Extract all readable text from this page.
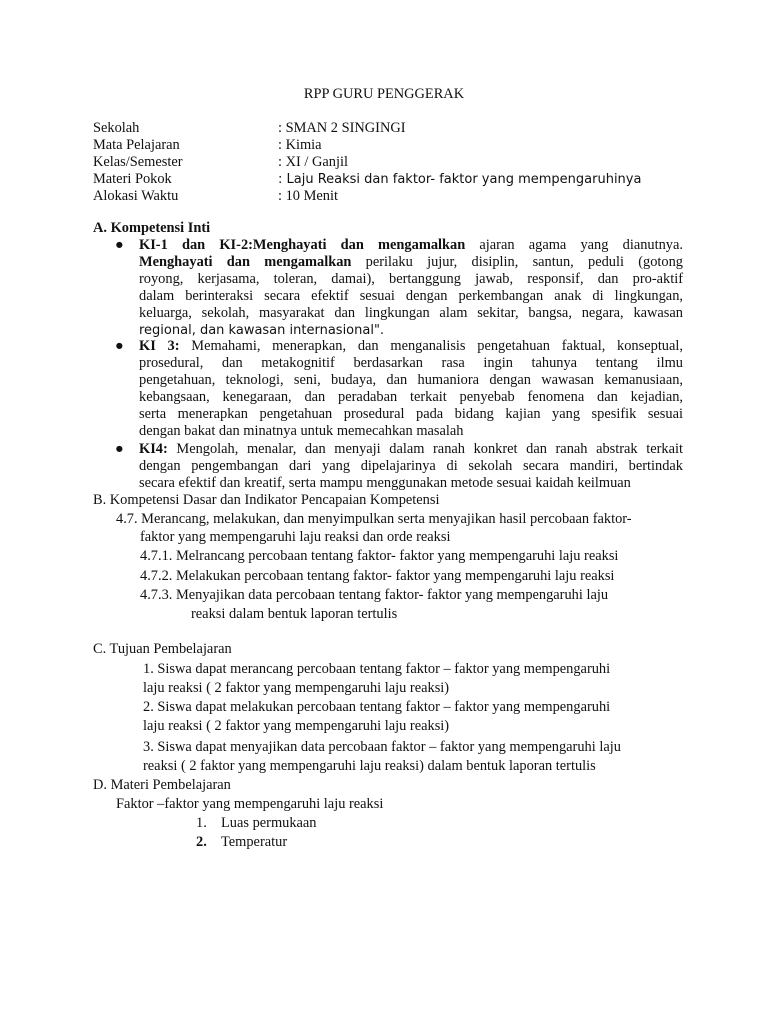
RPP GURU PENGGERAK
Sekolah	: SMAN 2 SINGINGI
Mata Pelajaran	: Kimia
Kelas/Semester	: XI / Ganjil
Materi Pokok	: Laju Reaksi dan faktor- faktor yang mempengaruhinya
Alokasi Waktu	: 10 Menit
A. Kompetensi Inti
● KI-1 dan KI-2:Menghayati dan mengamalkan ajaran agama yang dianutnya.
Menghayati dan mengamalkan perilaku jujur, disiplin, santun, peduli (gotong
royong, kerjasama, toleran, damai), bertanggung jawab, responsif, dan pro-aktif
dalam berinteraksi secara efektif sesuai dengan perkembangan anak di lingkungan,
keluarga, sekolah, masyarakat dan lingkungan alam sekitar, bangsa, negara, kawasan
regional, dan kawasan internasional".
● KI 3: Memahami, menerapkan, dan menganalisis pengetahuan faktual, konseptual,
prosedural, dan metakognitif berdasarkan rasa ingin tahunya tentang ilmu
pengetahuan, teknologi, seni, budaya, dan humaniora dengan wawasan kemanusiaan,
kebangsaan, kenegaraan, dan peradaban terkait penyebab fenomena dan kejadian,
serta menerapkan pengetahuan prosedural pada bidang kajian yang spesifik sesuai
dengan bakat dan minatnya untuk memecahkan masalah
● KI4: Mengolah, menalar, dan menyaji dalam ranah konkret dan ranah abstrak terkait
dengan pengembangan dari yang dipelajarinya di sekolah secara mandiri, bertindak
secara efektif dan kreatif, serta mampu menggunakan metode sesuai kaidah keilmuan
B. Kompetensi Dasar dan Indikator Pencapaian Kompetensi
4.7. Merancang, melakukan, dan menyimpulkan serta menyajikan hasil percobaan faktor-
faktor yang mempengaruhi laju reaksi dan orde reaksi
4.7.1. Melrancang percobaan tentang faktor- faktor yang mempengaruhi laju reaksi
4.7.2. Melakukan percobaan tentang faktor- faktor yang mempengaruhi laju reaksi
4.7.3. Menyajikan data percobaan tentang faktor- faktor yang mempengaruhi laju
reaksi dalam bentuk laporan tertulis
C. Tujuan Pembelajaran
1. Siswa dapat merancang percobaan tentang faktor – faktor yang mempengaruhi
laju reaksi ( 2 faktor yang mempengaruhi laju reaksi)
2. Siswa dapat melakukan percobaan tentang faktor – faktor yang mempengaruhi
laju reaksi ( 2 faktor yang mempengaruhi laju reaksi)
3. Siswa dapat menyajikan data percobaan faktor – faktor yang mempengaruhi laju
reaksi ( 2 faktor yang mempengaruhi laju reaksi) dalam bentuk laporan tertulis
D. Materi Pembelajaran
Faktor –faktor yang mempengaruhi laju reaksi
1. Luas permukaan
2. Temperatur
